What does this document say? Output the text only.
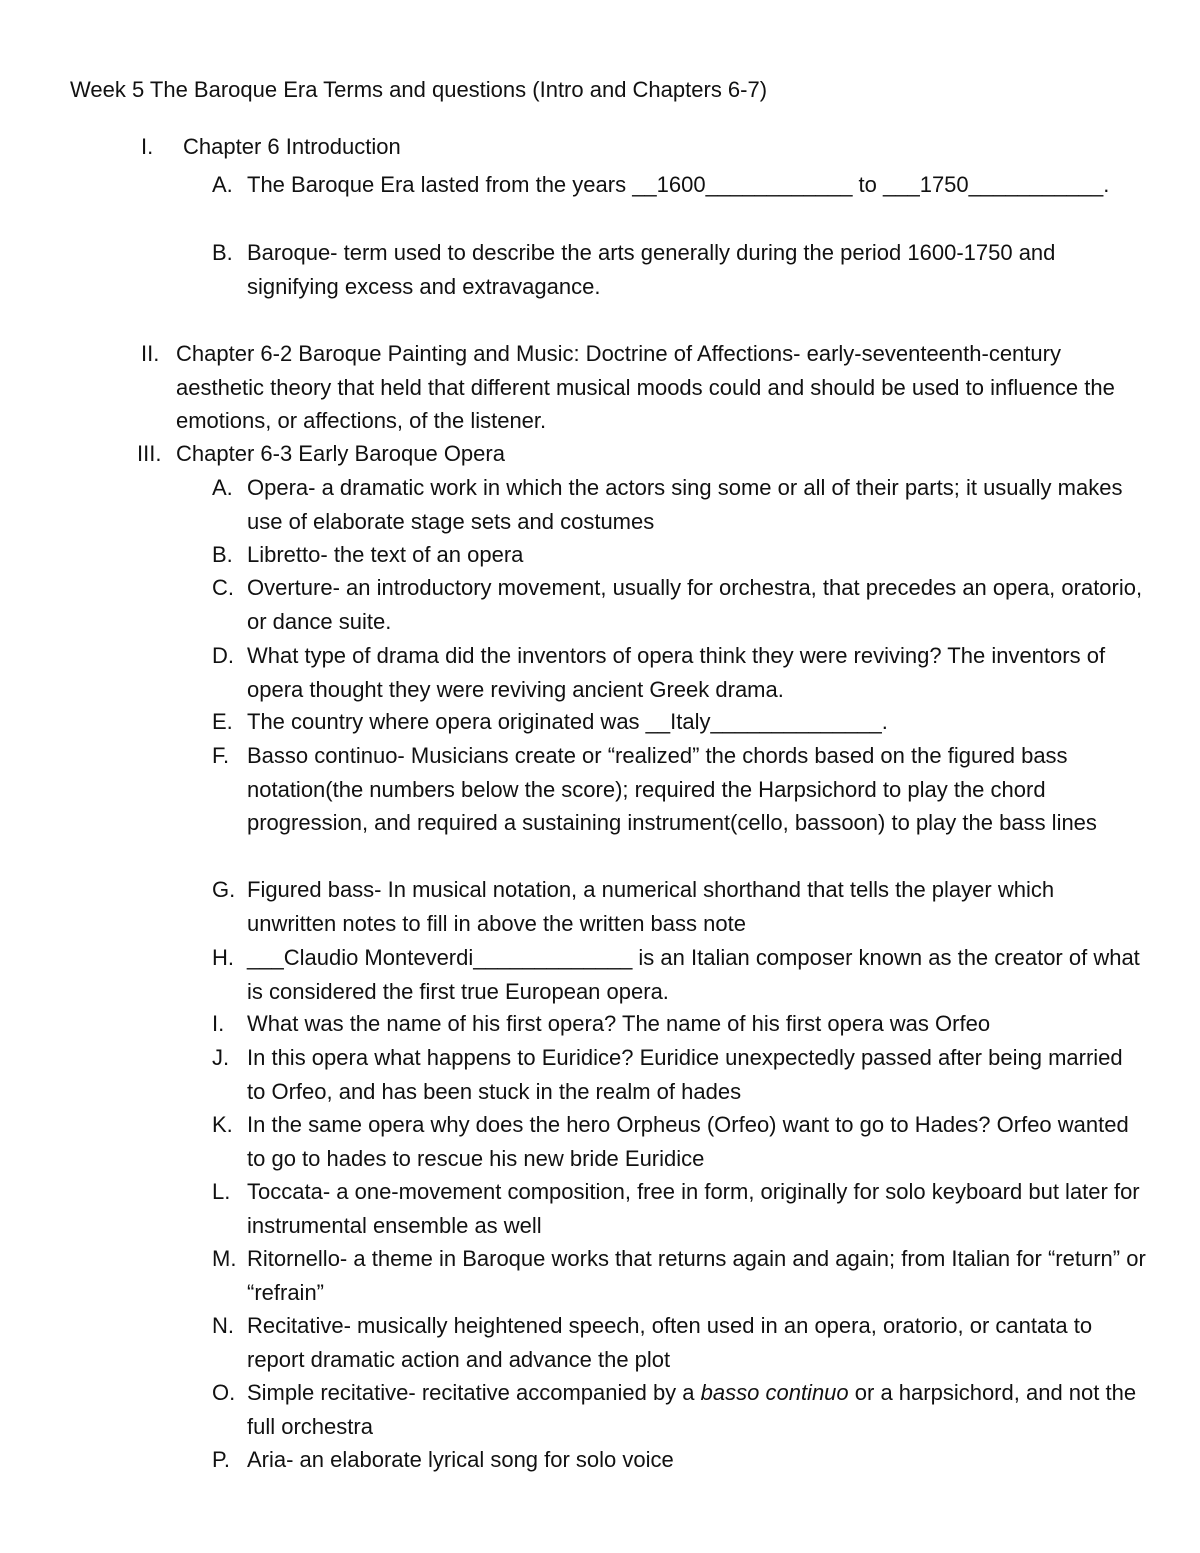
Week 5 The Baroque Era Terms and questions (Intro and Chapters 6-7)
I. Chapter 6 Introduction
A. The Baroque Era lasted from the years __1600____________ to ___1750___________.
B. Baroque- term used to describe the arts generally during the period 1600-1750 and signifying excess and extravagance.
II. Chapter 6-2 Baroque Painting and Music: Doctrine of Affections- early-seventeenth-century aesthetic theory that held that different musical moods could and should be used to influence the emotions, or affections, of the listener.
III. Chapter 6-3 Early Baroque Opera
A. Opera- a dramatic work in which the actors sing some or all of their parts; it usually makes use of elaborate stage sets and costumes
B. Libretto- the text of an opera
C. Overture- an introductory movement, usually for orchestra, that precedes an opera, oratorio, or dance suite.
D. What type of drama did the inventors of opera think they were reviving? The inventors of opera thought they were reviving ancient Greek drama.
E. The country where opera originated was __Italy______________.
F. Basso continuo- Musicians create or “realized” the chords based on the figured bass notation(the numbers below the score); required the Harpsichord to play the chord progression, and required a sustaining instrument(cello, bassoon) to play the bass lines
G. Figured bass- In musical notation, a numerical shorthand that tells the player which unwritten notes to fill in above the written bass note
H. ___Claudio Monteverdi_____________ is an Italian composer known as the creator of what is considered the first true European opera.
I.	What was the name of his first opera? The name of his first opera was Orfeo
J. In this opera what happens to Euridice? Euridice unexpectedly passed after being married to Orfeo, and has been stuck in the realm of hades
K. In the same opera why does the hero Orpheus (Orfeo) want to go to Hades? Orfeo wanted to go to hades to rescue his new bride Euridice
L. Toccata- a one-movement composition, free in form, originally for solo keyboard but later for instrumental ensemble as well
M. Ritornello- a theme in Baroque works that returns again and again; from Italian for “return” or “refrain”
N. Recitative- musically heightened speech, often used in an opera, oratorio, or cantata to report dramatic action and advance the plot
O. Simple recitative- recitative accompanied by a basso continuo or a harpsichord, and not the full orchestra
P. Aria- an elaborate lyrical song for solo voice
